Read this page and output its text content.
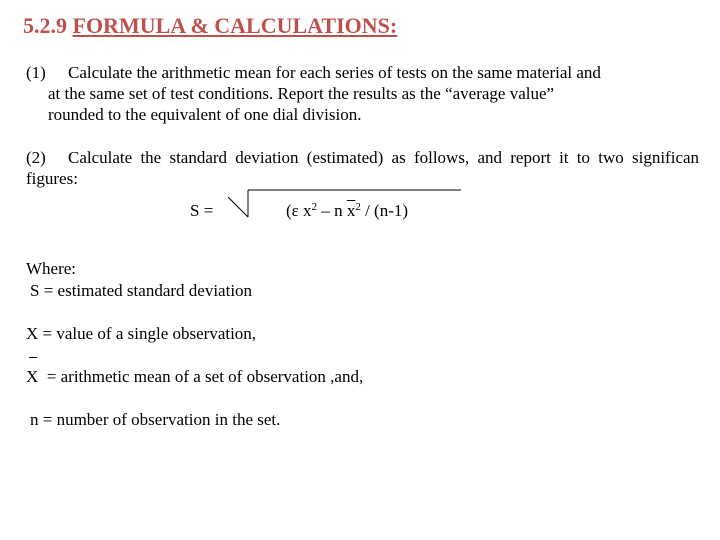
5.2.9 FORMULA & CALCULATIONS:
(1) Calculate the arithmetic mean for each series of tests on the same material and
at the same set of test conditions. Report the results as the “average value”
rounded to the equivalent of one dial division.
(2) Calculate the standard deviation (estimated) as follows, and report it to two significan
figures:
S =	(ε $x^2$ – n $\overline{x}^2 / (n-1)$
Where:
S = estimated standard deviation
X = value of a single observation,
X = arithmetic mean of a set of observation ,and,
n = number of observation in the set.
